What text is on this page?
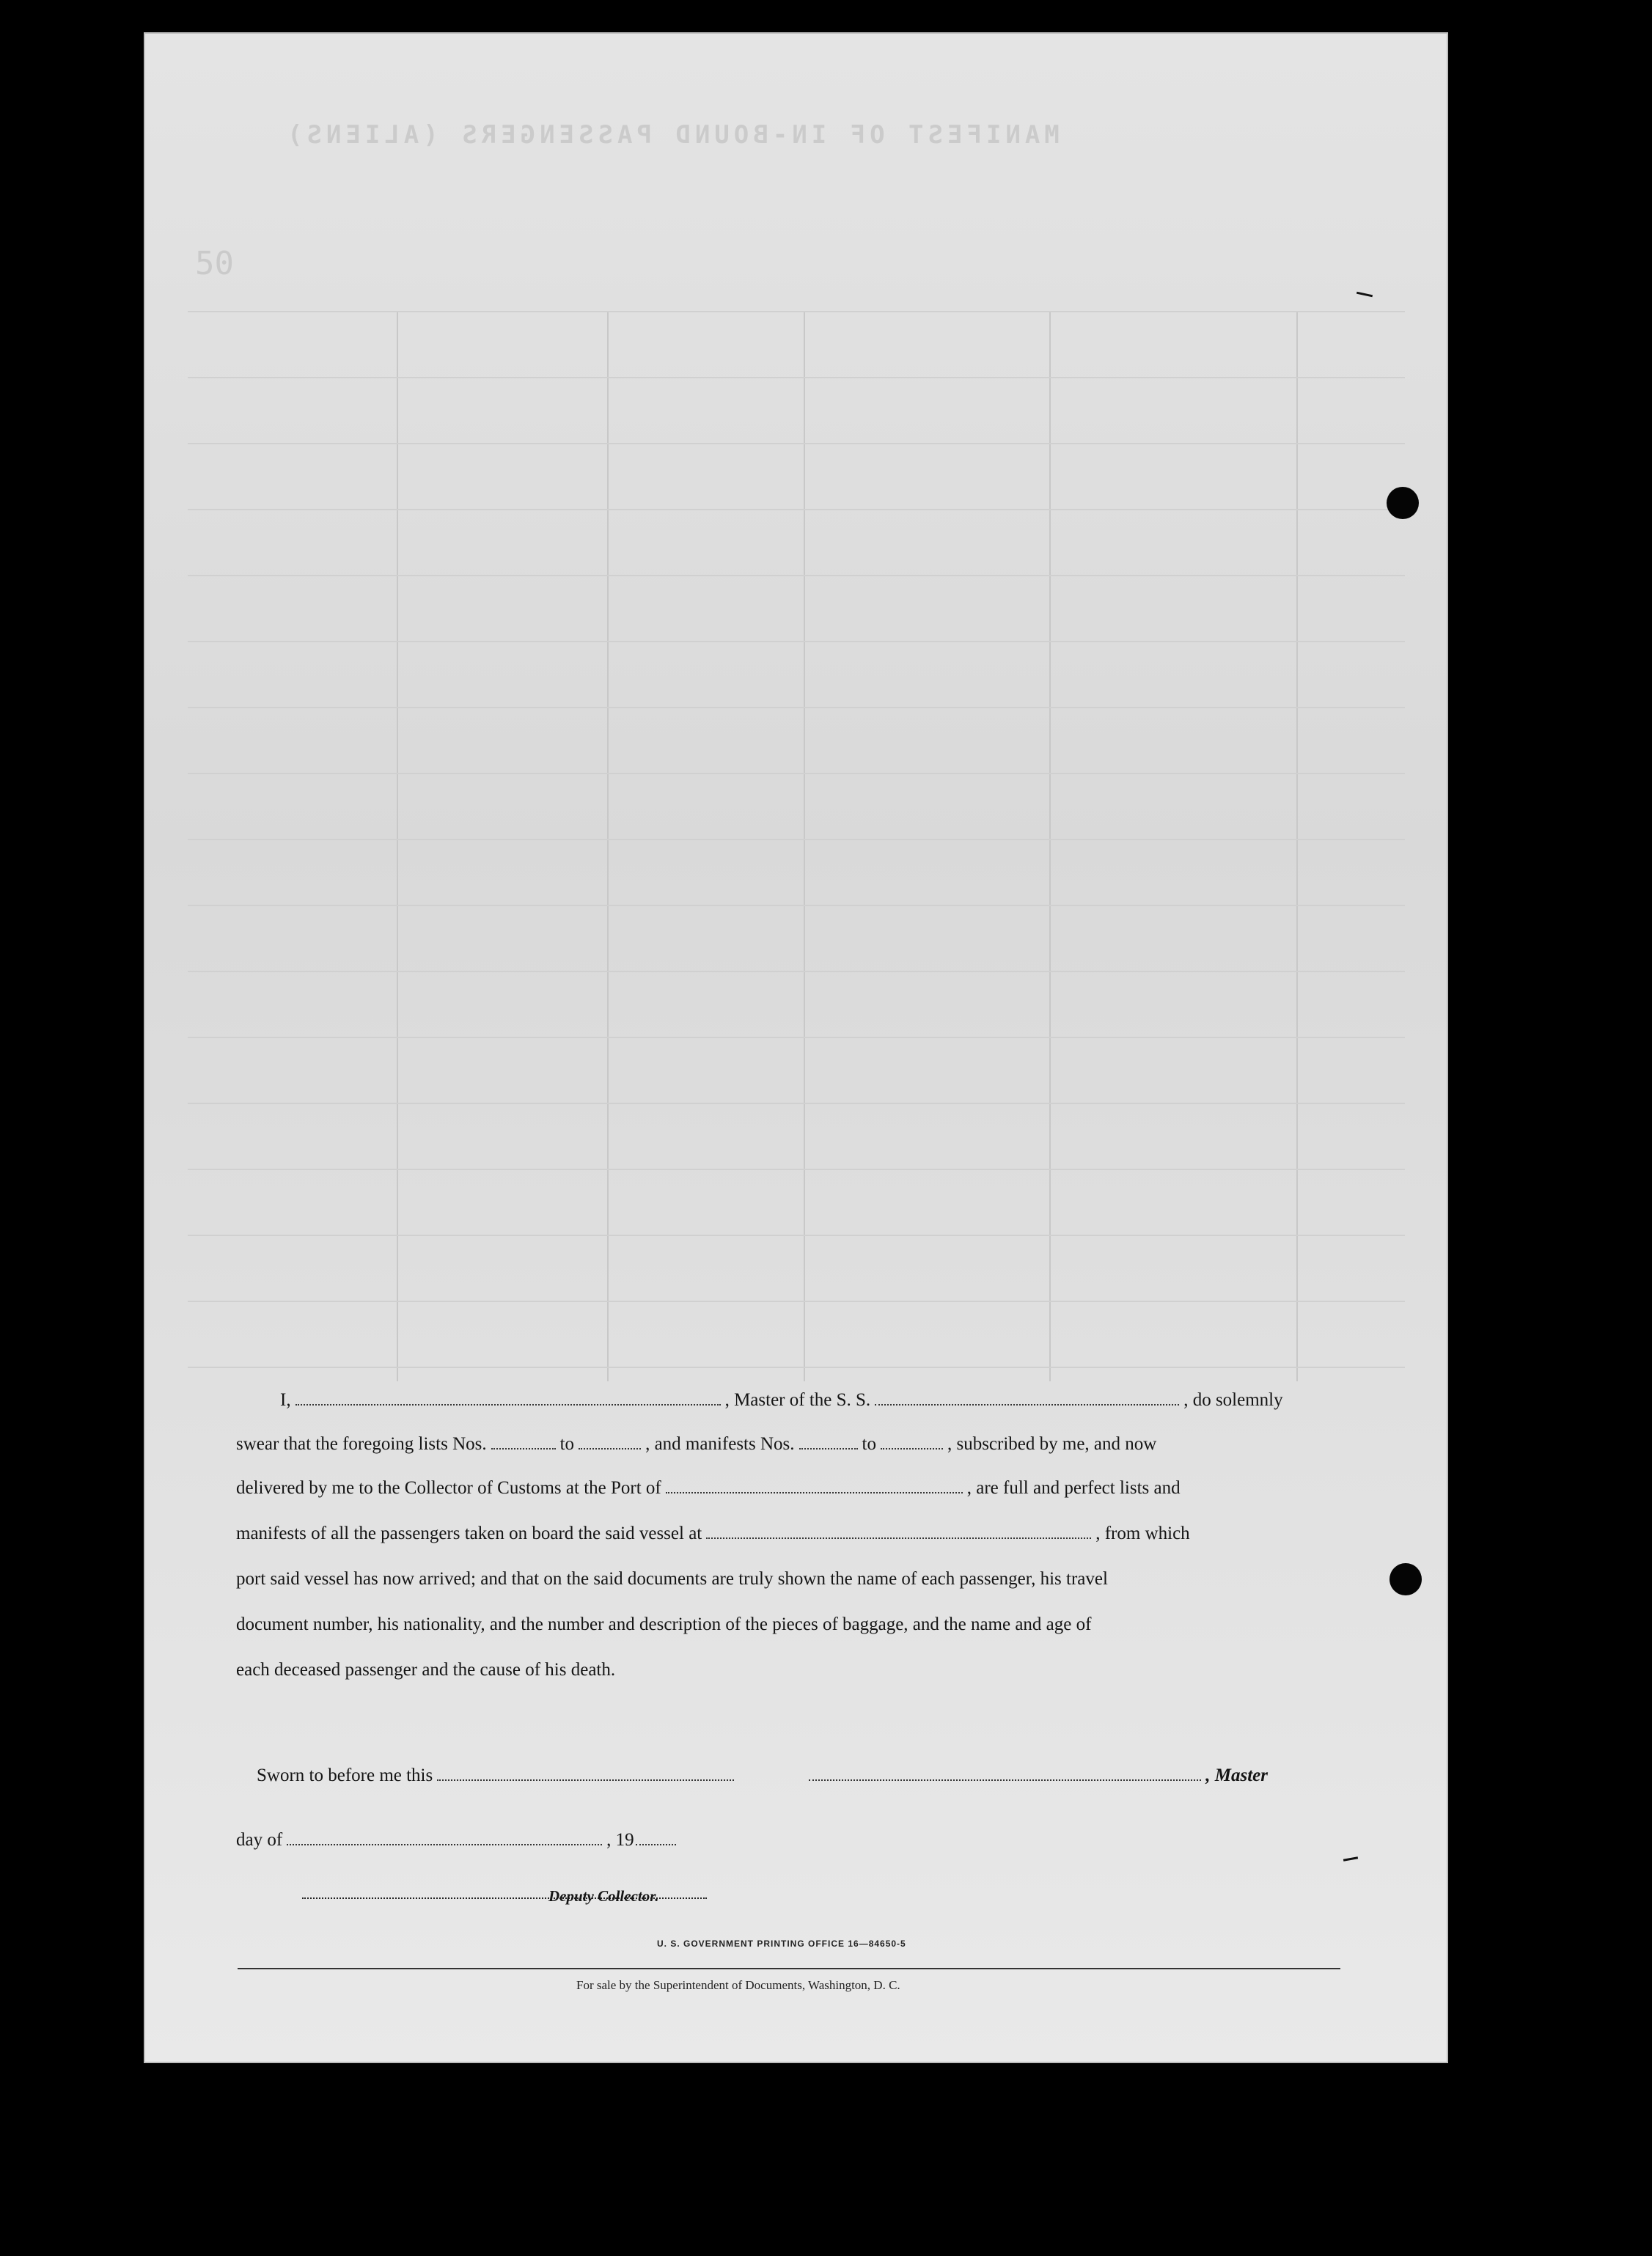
MANIFEST OF IN-BOUND PASSENGERS (ALIENS)
50
I,	, Master of the S. S.	, do solemnly
swear that the foregoing lists Nos.	to	, and manifests Nos.	to	, subscribed by me, and now
delivered by me to the Collector of Customs at the Port of	, are full and perfect lists and
manifests of all the passengers taken on board the said vessel at	, from which
port said vessel has now arrived; and that on the said documents are truly shown the name of each passenger, his travel
document number, his nationality, and the number and description of the pieces of baggage, and the name and age of
each deceased passenger and the cause of his death.
Sworn to before me this	, Master
day of	, 19
Deputy Collector.
U. S. GOVERNMENT PRINTING OFFICE 16—84650-5
For sale by the Superintendent of Documents, Washington, D. C.
